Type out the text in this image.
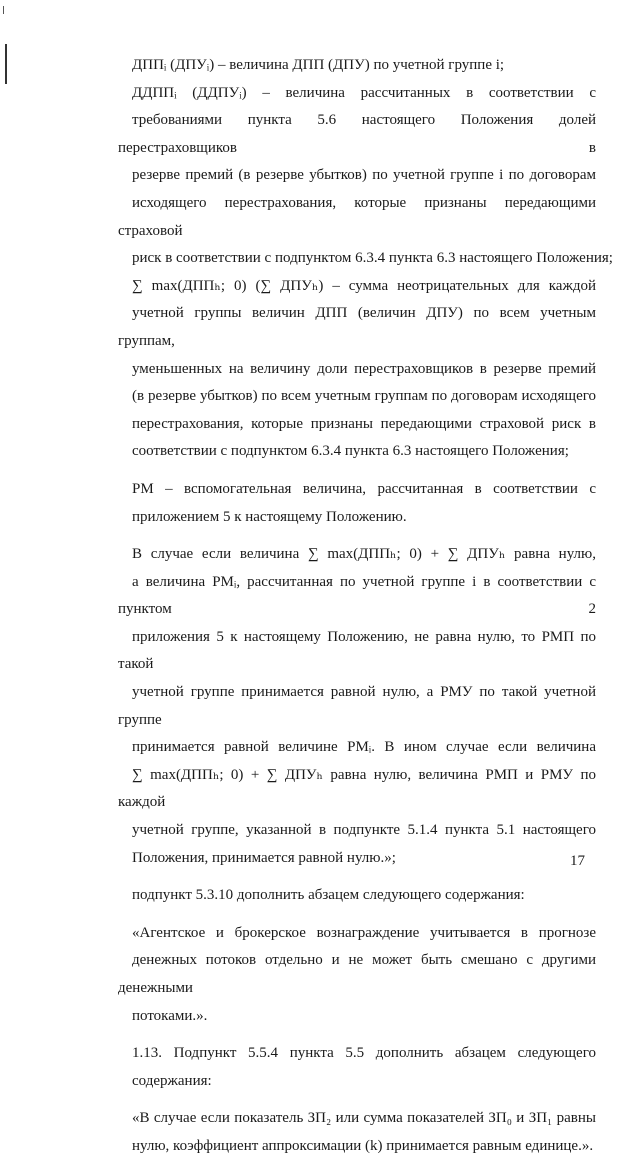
ДППᵢ (ДПУᵢ) – величина ДПП (ДПУ) по учетной группе i;

ДДППᵢ (ДДПУᵢ) – величина рассчитанных в соответствии с
требованиями пункта 5.6 настоящего Положения долей перестраховщиков в
резерве премий (в резерве убытков) по учетной группе i по договорам
исходящего перестрахования, которые признаны передающими страховой
риск в соответствии с подпунктом 6.3.4 пункта 6.3 настоящего Положения;

∑ max(ДППₕ; 0) (∑ ДПУₕ) – сумма неотрицательных для каждой
учетной группы величин ДПП (величин ДПУ) по всем учетным группам,
уменьшенных на величину доли перестраховщиков в резерве премий
(в резерве убытков) по всем учетным группам по договорам исходящего
перестрахования, которые признаны передающими страховой риск в
соответствии с подпунктом 6.3.4 пункта 6.3 настоящего Положения;

РМ – вспомогательная величина, рассчитанная в соответствии с
приложением 5 к настоящему Положению.

В случае если величина ∑ max(ДППₕ; 0) + ∑ ДПУₕ равна нулю,
а величина РМᵢ, рассчитанная по учетной группе i в соответствии с пунктом 2
приложения 5 к настоящему Положению, не равна нулю, то РМП по такой
учетной группе принимается равной нулю, а РМУ по такой учетной группе
принимается равной величине РМᵢ. В ином случае если величина
∑ max(ДППₕ; 0) + ∑ ДПУₕ равна нулю, величина РМП и РМУ по каждой
учетной группе, указанной в подпункте 5.1.4 пункта 5.1 настоящего
Положения, принимается равной нулю.»;

подпункт 5.3.10 дополнить абзацем следующего содержания:

«Агентское и брокерское вознаграждение учитывается в прогнозе
денежных потоков отдельно и не может быть смешано с другими денежными
потоками.».

1.13. Подпункт 5.5.4 пункта 5.5 дополнить абзацем следующего
содержания:

«В случае если показатель ЗП₂ или сумма показателей ЗП₀ и ЗП₁ равны
нулю, коэффициент аппроксимации (k) принимается равным единице.».

17
